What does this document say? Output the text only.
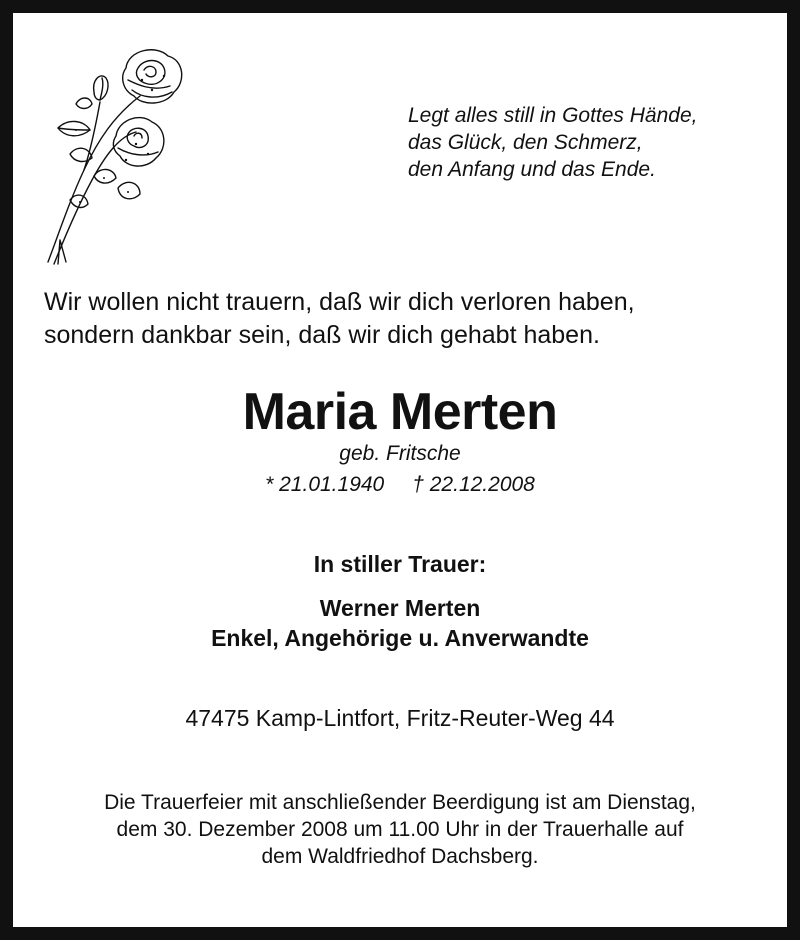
Legt alles still in Gottes Hände,
das Glück, den Schmerz,
den Anfang und das Ende.
Wir wollen nicht trauern, daß wir dich verloren haben,
sondern dankbar sein, daß wir dich gehabt haben.
Maria Merten
geb. Fritsche
* 21.01.1940 † 22.12.2008
In stiller Trauer:
Werner Merten
Enkel, Angehörige u. Anverwandte
47475 Kamp-Lintfort, Fritz-Reuter-Weg 44
Die Trauerfeier mit anschließender Beerdigung ist am Dienstag,
dem 30. Dezember 2008 um 11.00 Uhr in der Trauerhalle auf
dem Waldfriedhof Dachsberg.
